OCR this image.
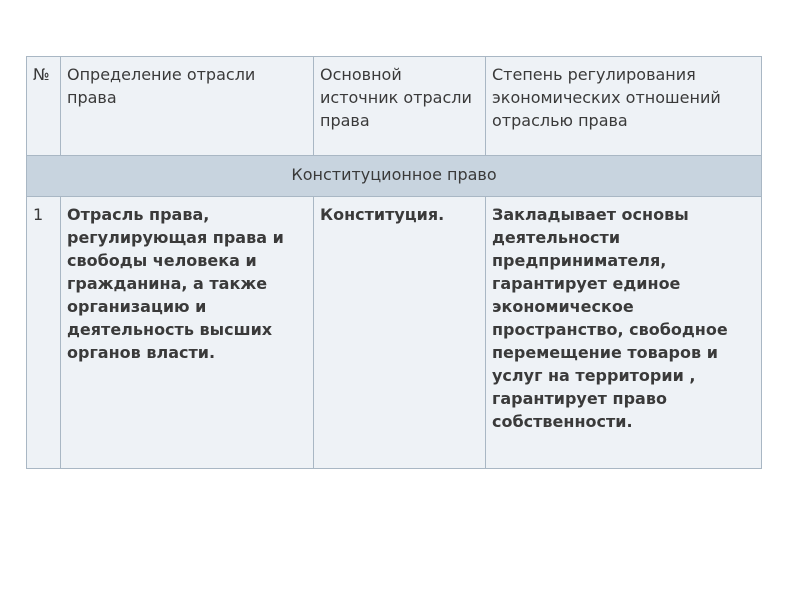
№	Определение отрасли права	Основной источник отрасли права	Степень регулирования экономических отношений отраслью права
Конституционное право			
1	Отрасль права, регулирующая права и свободы человека и гражданина, а также организацию и деятельность высших органов власти.	Конституция.	Закладывает основы деятельности предпринимателя, гарантирует единое экономическое пространство, свободное перемещение товаров и услуг на территории , гарантирует право собственности.
